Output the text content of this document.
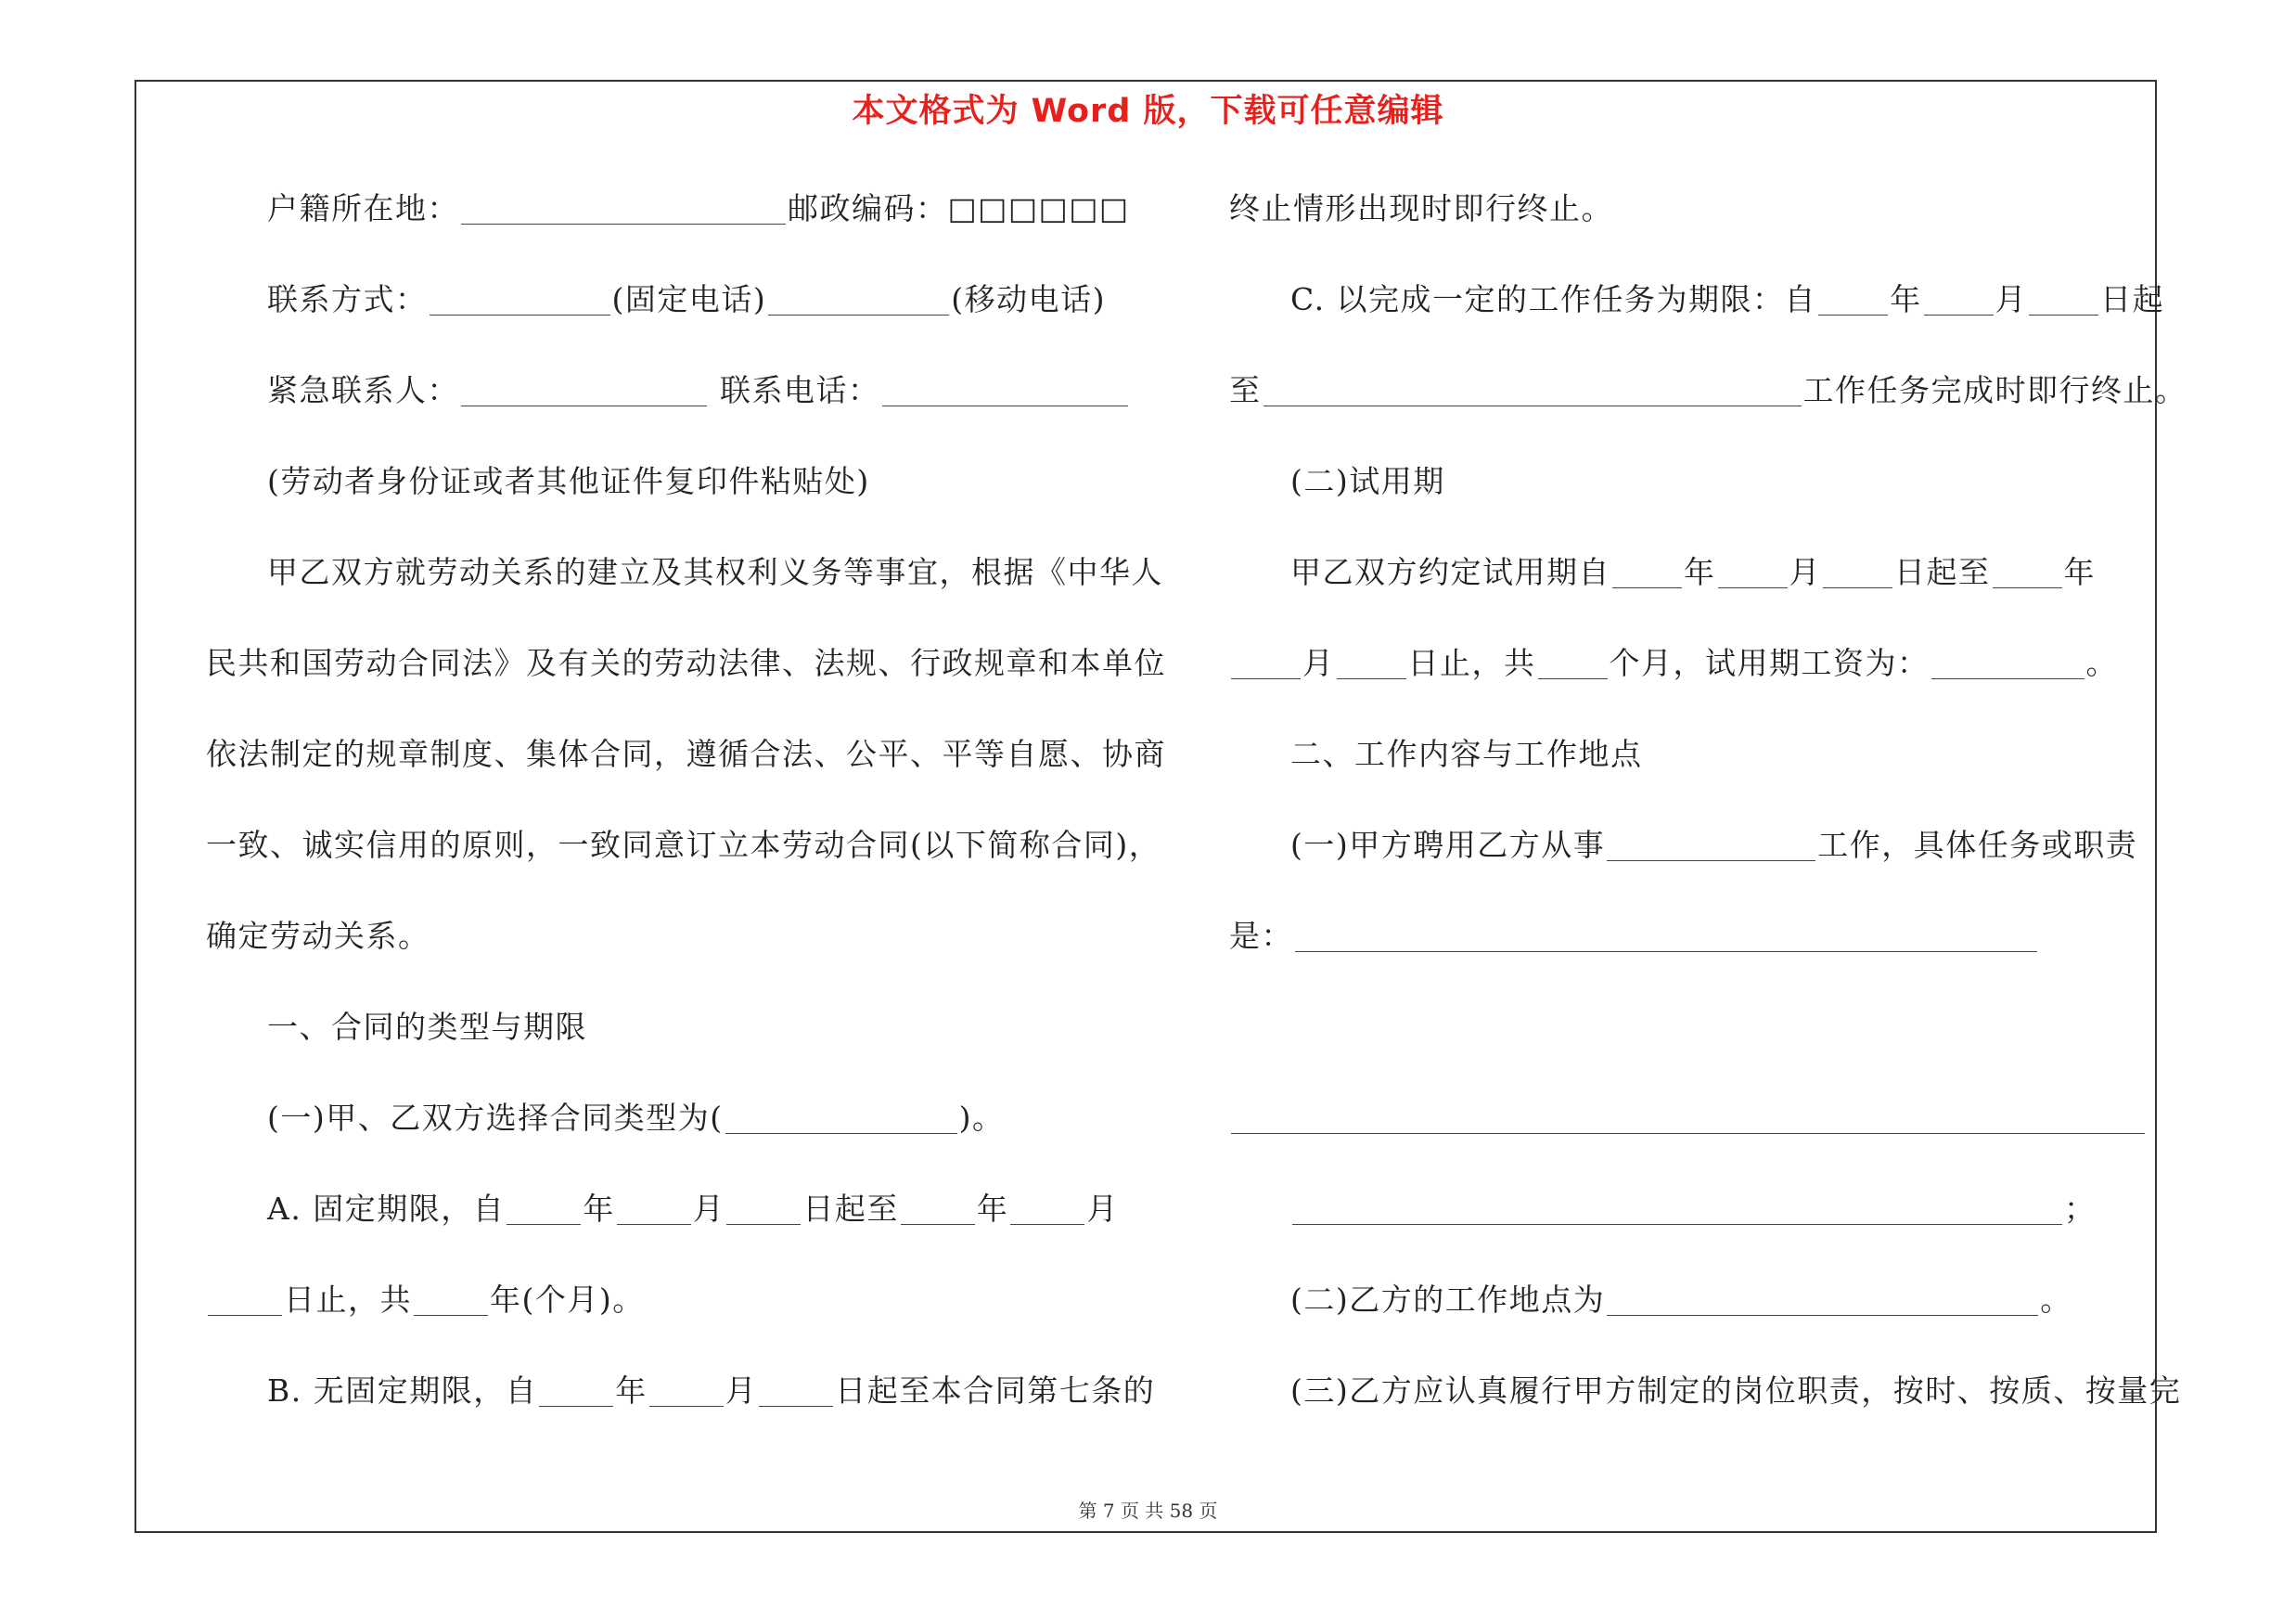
本文格式为 Word 版，下载可任意编辑
户籍所在地：	邮政编码：□□□□□□
联系方式：	(固定电话)	(移动电话)
紧急联系人：	联系电话：
(劳动者身份证或者其他证件复印件粘贴处)
甲乙双方就劳动关系的建立及其权利义务等事宜，根据《中华人
民共和国劳动合同法》及有关的劳动法律、法规、行政规章和本单位
依法制定的规章制度、集体合同，遵循合法、公平、平等自愿、协商
一致、诚实信用的原则，一致同意订立本劳动合同(以下简称合同)，
确定劳动关系。
一、合同的类型与期限
(一)甲、乙双方选择合同类型为(	)。
A. 固定期限，自	年	月	日起至	年	月
日止，共	年(个月)。
B. 无固定期限，自	年	月	日起至本合同第七条的
终止情形出现时即行终止。
C. 以完成一定的工作任务为期限：自 年 月 日起
至	工作任务完成时即行终止。
(二)试用期
甲乙双方约定试用期自 年 月 日起至 年
月 日止，共 个月，试用期工资为：	。
二、工作内容与工作地点
(一)甲方聘用乙方从事	工作，具体任务或职责
是：
；
(二)乙方的工作地点为	。
(三)乙方应认真履行甲方制定的岗位职责，按时、按质、按量完
第 7 页 共 58 页
